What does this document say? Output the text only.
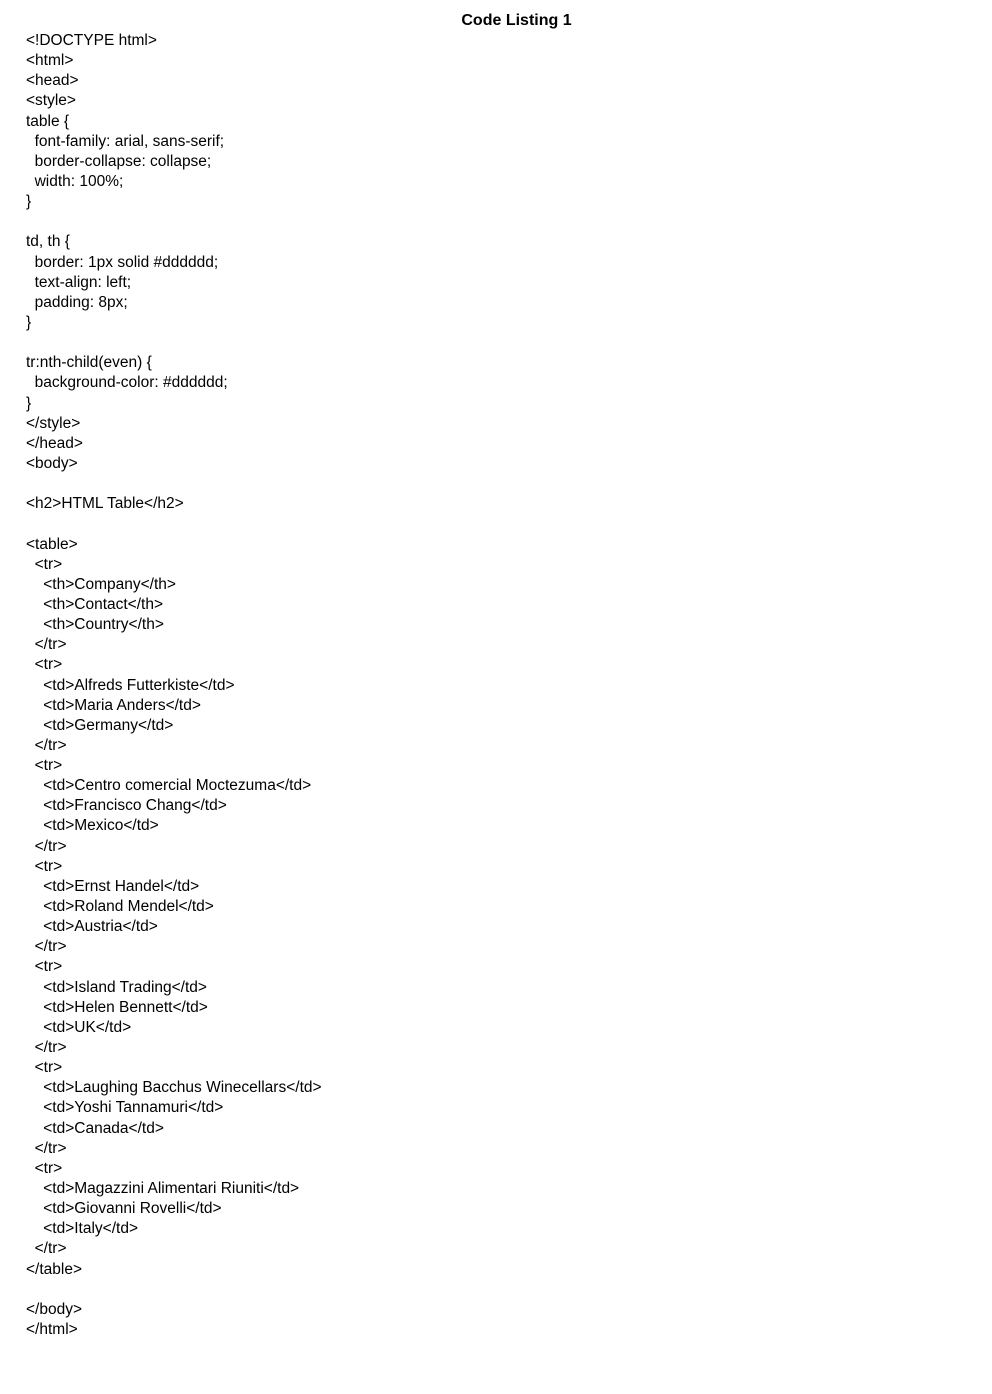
Code Listing 1
<!DOCTYPE html>
<html>
<head>
<style>
table {
font-family: arial, sans-serif;
border-collapse: collapse;
width: 100%;
}
td, th {
border: 1px solid #dddddd;
text-align: left;
padding: 8px;
}
tr:nth-child(even) {
background-color: #dddddd;
}
</style>
</head>
<body>
<h2>HTML Table</h2>
<table>
<tr>
<th>Company</th>
<th>Contact</th>
<th>Country</th>
</tr>
<tr>
<td>Alfreds Futterkiste</td>
<td>Maria Anders</td>
<td>Germany</td>
</tr>
<tr>
<td>Centro comercial Moctezuma</td>
<td>Francisco Chang</td>
<td>Mexico</td>
</tr>
<tr>
<td>Ernst Handel</td>
<td>Roland Mendel</td>
<td>Austria</td>
</tr>
<tr>
<td>Island Trading</td>
<td>Helen Bennett</td>
<td>UK</td>
</tr>
<tr>
<td>Laughing Bacchus Winecellars</td>
<td>Yoshi Tannamuri</td>
<td>Canada</td>
</tr>
<tr>
<td>Magazzini Alimentari Riuniti</td>
<td>Giovanni Rovelli</td>
<td>Italy</td>
</tr>
</table>
</body>
</html>
